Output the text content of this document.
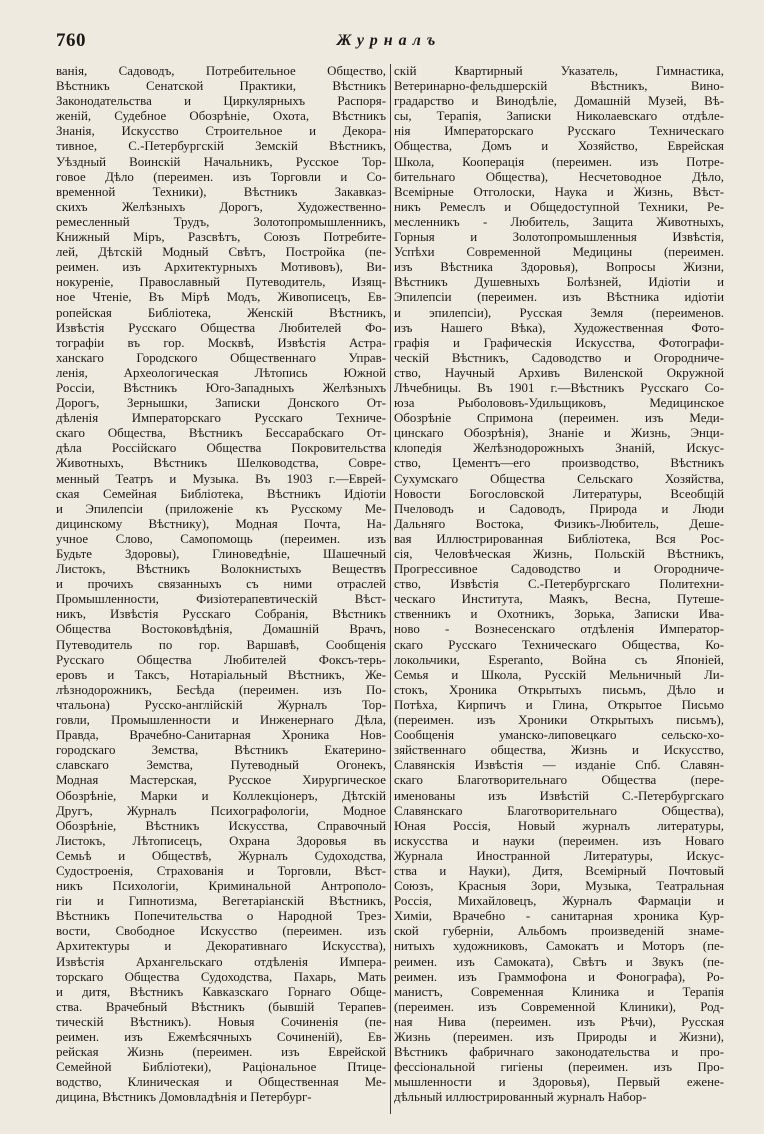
760	Журналъ
ванія, Садоводъ, Потребительное Общество,
Вѣстникъ Сенатской Практики, Вѣстникъ
Законодательства и Циркулярныхъ Распоря-
женій, Судебное Обозрѣніе, Охота, Вѣстникъ
Знанія, Искусство Строительное и Декора-
тивное, С.-Петербургскій Земскій Вѣстникъ,
Уѣздный Воинскій Начальникъ, Русское Тор-
говое Дѣло (переимен. изъ Торговли и Со-
временной Техники), Вѣстникъ Закавказ-
скихъ Желѣзныхъ Дорогъ, Художественно-
ремесленный Трудъ, Золотопромышленникъ,
Книжный Міръ, Разсвѣтъ, Союзъ Потребите-
лей, Дѣтскій Модный Свѣтъ, Постройка (пе-
реимен. изъ Архитектурныхъ Мотивовъ), Ви-
нокуреніе, Православный Путеводитель, Изящ-
ное Чтеніе, Въ Мірѣ Модъ, Живописецъ, Ев-
ропейская Библіотека, Женскій Вѣстникъ,
Извѣстія Русскаго Общества Любителей Фо-
тографіи въ гор. Москвѣ, Извѣстія Астра-
ханскаго Городского Общественнаго Управ-
ленія, Археологическая Лѣтопись Южной
Россіи, Вѣстникъ Юго-Западныхъ Желѣзныхъ
Дорогъ, Зернышки, Записки Донского От-
дѣленія Императорскаго Русскаго Техниче-
скаго Общества, Вѣстникъ Бессарабскаго От-
дѣла Россійскаго Общества Покровительства
Животныхъ, Вѣстникъ Шелководства, Совре-
менный Театръ и Музыка. Въ 1903 г.—Еврей-
ская Семейная Библіотека, Вѣстникъ Идіотіи
и Эпилепсіи (приложеніе къ Русскому Ме-
дицинскому Вѣстнику), Модная Почта, На-
учное Слово, Самопомощь (переимен. изъ
Будьте Здоровы), Глиноведѣніе, Шашечный
Листокъ, Вѣстникъ Волокнистыхъ Веществъ
и прочихъ связанныхъ съ ними отраслей
Промышленности, Физіотерапевтическій Вѣст-
никъ, Извѣстія Русскаго Собранія, Вѣстникъ
Общества Востоковѣдѣнія, Домашній Врачъ,
Путеводитель по гор. Варшавѣ, Сообщенія
Русскаго Общества Любителей Фоксъ-терь-
еровъ и Таксъ, Нотаріальный Вѣстникъ, Же-
лѣзнодорожникъ, Бесѣда (переимен. изъ По-
чтальона) Русско-англійскій Журналъ Тор-
говли, Промышленности и Инженернаго Дѣла,
Правда, Врачебно-Санитарная Хроника Нов-
городскаго Земства, Вѣстникъ Екатерино-
славскаго Земства, Путеводный Огонекъ,
Модная Мастерская, Русское Хирургическое
Обозрѣніе, Марки и Коллекціонеръ, Дѣтскій
Другъ, Журналъ Психографологіи, Модное
Обозрѣніе, Вѣстникъ Искусства, Справочный
Листокъ, Лѣтописецъ, Охрана Здоровья въ
Семьѣ и Обществѣ, Журналъ Судоходства,
Судостроенія, Страхованія и Торговли, Вѣст-
никъ Психологіи, Криминальной Антрополо-
гіи и Гипнотизма, Вегетаріанскій Вѣстникъ,
Вѣстникъ Попечительства о Народной Трез-
вости, Свободное Искусство (переимен. изъ
Архитектуры и Декоративнаго Искусства),
Извѣстія Архангельскаго отдѣленія Импера-
торскаго Общества Судоходства, Пахарь, Мать
и дитя, Вѣстникъ Кавказскаго Горнаго Обще-
ства. Врачебный Вѣстникъ (бывшій Терапев-
тическій Вѣстникъ). Новыя Сочиненія (пе-
реимен. изъ Ежемѣсячныхъ Сочиненій), Ев-
рейская Жизнь (переимен. изъ Еврейской
Семейной Библіотеки), Раціональное Птице-
водство, Клиническая и Общественная Ме-
дицина, Вѣстникъ Домовладѣнія и Петербург-
скій Квартирный Указатель, Гимнастика,
Ветеринарно-фельдшерскій Вѣстникъ, Вино-
градарство и Винодѣліе, Домашній Музей, Вѣ-
сы, Терапія, Записки Николаевскаго отдѣле-
нія Императорскаго Русскаго Техническаго
Общества, Домъ и Хозяйство, Еврейская
Школа, Кооперація (переимен. изъ Потре-
бительнаго Общества), Несчетоводное Дѣло,
Всемірные Отголоски, Наука и Жизнь, Вѣст-
никъ Ремеслъ и Общедоступной Техники, Ре-
месленникъ - Любитель, Защита Животныхъ,
Горныя и Золотопромышленныя Извѣстія,
Успѣхи Современной Медицины (переимен.
изъ Вѣстника Здоровья), Вопросы Жизни,
Вѣстникъ Душевныхъ Болѣзней, Идіотіи и
Эпилепсіи (переимен. изъ Вѣстника идіотіи
и эпилепсіи), Русская Земля (переименов.
изъ Нашего Вѣка), Художественная Фото-
графія и Графическія Искусства, Фотографи-
ческій Вѣстникъ, Садоводство и Огородниче-
ство, Научный Архивъ Виленской Окружной
Лѣчебницы. Въ 1901 г.—Вѣстникъ Русскаго Со-
юза Рыболововъ-Удильщиковъ, Медицинское
Обозрѣніе Спримона (переимен. изъ Меди-
цинскаго Обозрѣнія), Знаніе и Жизнь, Энци-
клопедія Желѣзнодорожныхъ Знаній, Искус-
ство, Цементъ—его производство, Вѣстникъ
Сухумскаго Общества Сельскаго Хозяйства,
Новости Богословской Литературы, Всеобщій
Пчеловодъ и Садоводъ, Природа и Люди
Дальняго Востока, Физикъ-Любитель, Деше-
вая Иллюстрированная Библіотека, Вся Рос-
сія, Человѣческая Жизнь, Польскій Вѣстникъ,
Прогрессивное Садоводство и Огородниче-
ство, Извѣстія С.-Петербургскаго Политехни-
ческаго Института, Маякъ, Весна, Путеше-
ственникъ и Охотникъ, Зорька, Записки Ива-
ново - Вознесенскаго отдѣленія Император-
скаго Русскаго Техническаго Общества, Ко-
локольчики, Esperanto, Война съ Японіей,
Семья и Школа, Русскій Мельничный Ли-
стокъ, Хроника Открытыхъ письмъ, Дѣло и
Потѣха, Кирпичъ и Глина, Открытое Письмо
(переимен. изъ Хроники Открытыхъ письмъ),
Сообщенія уманско-липовецкаго сельско-хо-
зяйственнаго общества, Жизнь и Искусство,
Славянскія Извѣстія — изданіе Спб. Славян-
скаго Благотворительнаго Общества (пере-
именованы изъ Извѣстій С.-Петербургскаго
Славянскаго Благотворительнаго Общества),
Юная Россія, Новый журналъ литературы,
искусства и науки (переимен. изъ Новаго
Журнала Иностранной Литературы, Искус-
ства и Науки), Дитя, Всемірный Почтовый
Союзъ, Красныя Зори, Музыка, Театральная
Россія, Михайловецъ, Журналъ Фармаціи и
Химіи, Врачебно - санитарная хроника Кур-
ской губерніи, Альбомъ произведеній знаме-
нитыхъ художниковъ, Самокатъ и Моторъ (пе-
реимен. изъ Самоката), Свѣтъ и Звукъ (пе-
реимен. изъ Граммофона и Фонографа), Ро-
манистъ, Современная Клиника и Терапія
(переимен. изъ Современной Клиники), Род-
ная Нива (переимен. изъ Рѣчи), Русская
Жизнь (переимен. изъ Природы и Жизни),
Вѣстникъ фабричнаго законодательства и про-
фессіональной гигіены (переимен. изъ Про-
мышленности и Здоровья), Первый еженe-
дѣльный иллюстрированный журналъ Набор-
